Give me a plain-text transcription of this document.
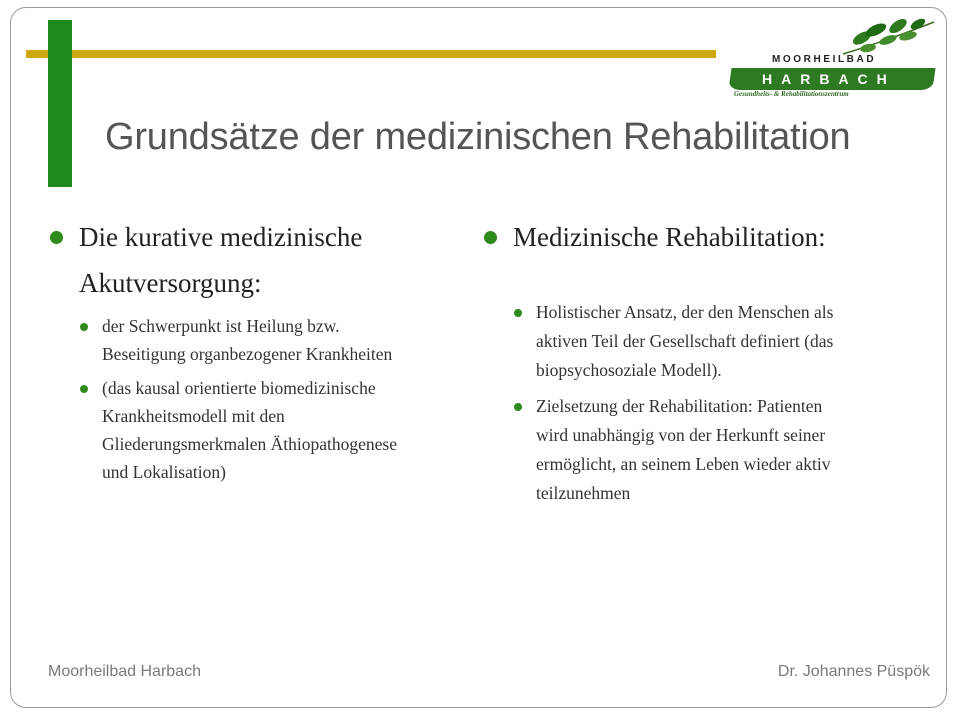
MOORHEILBAD
HARBACH
Gesundheits- & Rehabilitationszentrum
Grundsätze der medizinischen Rehabilitation
Die kurative medizinische
Akutversorgung:
der Schwerpunkt ist Heilung bzw.
Beseitigung organbezogener Krankheiten
(das kausal orientierte biomedizinische
Krankheitsmodell mit den
Gliederungsmerkmalen Äthiopathogenese
und Lokalisation)
Medizinische Rehabilitation:
Holistischer Ansatz, der den Menschen als
aktiven Teil der Gesellschaft definiert (das
biopsychosoziale Modell).
Zielsetzung der Rehabilitation: Patienten
wird unabhängig von der Herkunft seiner
ermöglicht, an seinem Leben wieder aktiv
teilzunehmen
Moorheilbad Harbach	Dr. Johannes Püspök
